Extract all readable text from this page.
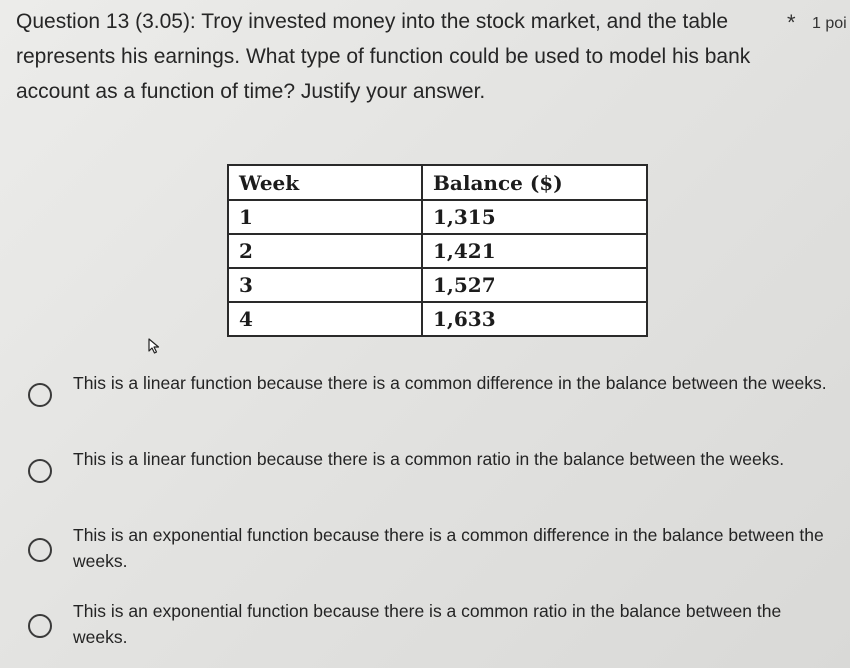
Question 13 (3.05): Troy invested money into the stock market, and the table represents his earnings. What type of function could be used to model his bank account as a function of time? Justify your answer.
* 1 poi
Week	Balance ($)
1	1,315
2	1,421
3	1,527
4	1,633
This is a linear function because there is a common difference in the balance between the weeks.
This is a linear function because there is a common ratio in the balance between the weeks.
This is an exponential function because there is a common difference in the balance between the weeks.
This is an exponential function because there is a common ratio in the balance between the weeks.
